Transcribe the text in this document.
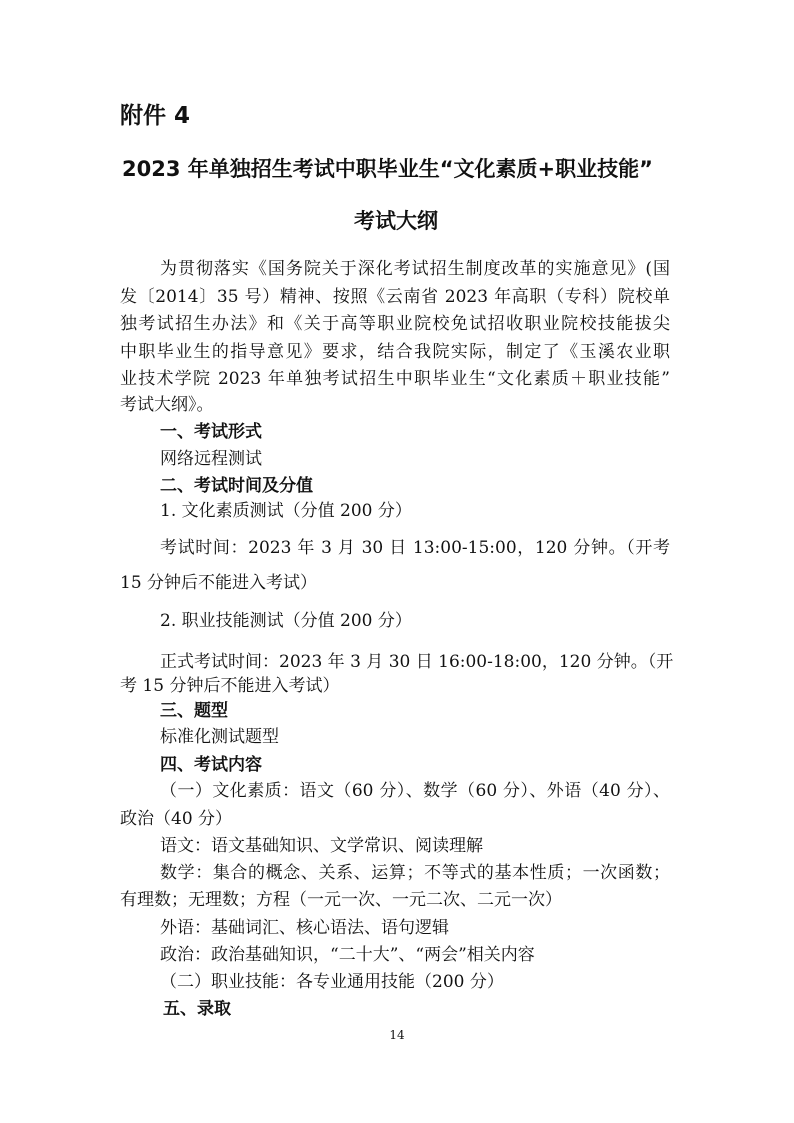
附件 4
2023 年单独招生考试中职毕业生“文化素质+职业技能”
考试大纲
为贯彻落实《国务院关于深化考试招生制度改革的实施意见》(国
发〔2014〕35 号）精神、按照《云南省 2023 年高职（专科）院校单
独考试招生办法》和《关于高等职业院校免试招收职业院校技能拔尖
中职毕业生的指导意见》要求，结合我院实际，制定了《玉溪农业职
业技术学院 2023 年单独考试招生中职毕业生“文化素质＋职业技能”
考试大纲》。
一、考试形式
网络远程测试
二、考试时间及分值
1. 文化素质测试（分值 200 分）
考试时间：2023 年 3 月 30 日 13:00-15:00，120 分钟。（开考
15 分钟后不能进入考试）
2. 职业技能测试（分值 200 分）
正式考试时间：2023 年 3 月 30 日 16:00-18:00，120 分钟。（开
考 15 分钟后不能进入考试）
三、题型
标准化测试题型
四、考试内容
（一）文化素质：语文（60 分）、数学（60 分）、外语（40 分）、
政治（40 分）
语文：语文基础知识、文学常识、阅读理解
数学：集合的概念、关系、运算；不等式的基本性质；一次函数；
有理数；无理数；方程（一元一次、一元二次、二元一次）
外语：基础词汇、核心语法、语句逻辑
政治：政治基础知识，“二十大”、“两会”相关内容
（二）职业技能：各专业通用技能（200 分）
五、录取
14
